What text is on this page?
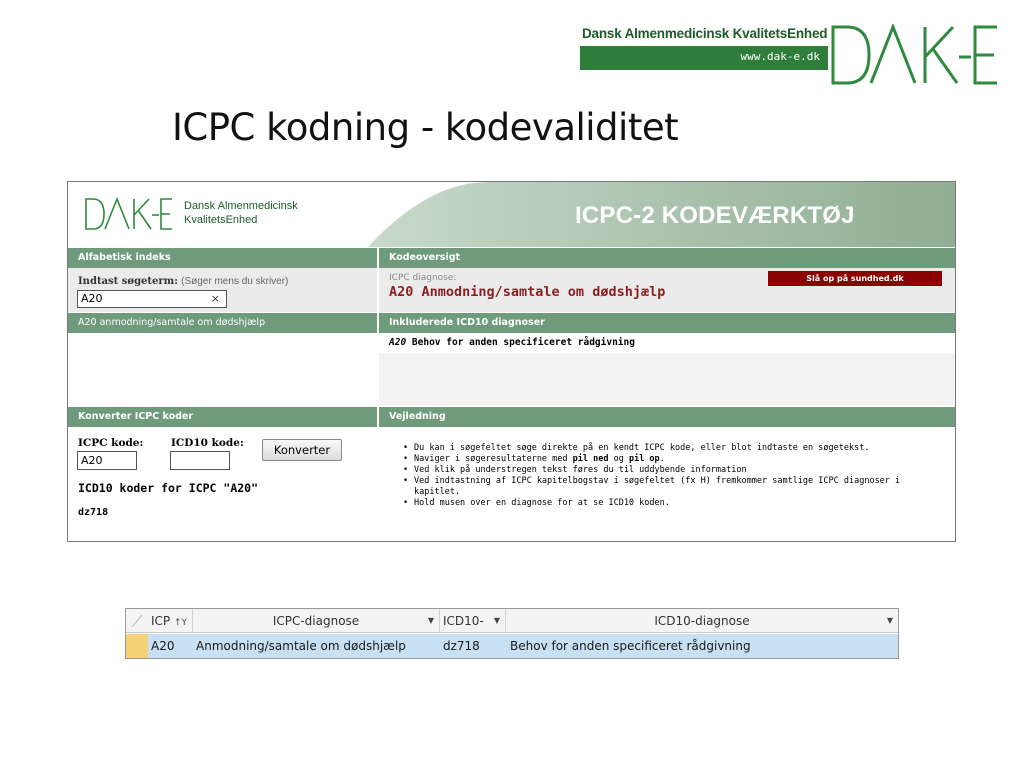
Dansk Almenmedicinsk KvalitetsEnhed
www.dak-e.dk
ICPC kodning - kodevaliditet
Dansk Almenmedicinsk
KvalitetsEnhed	ICPC-2 KODEVÆRKTØJ
Alfabetisk indeks
Indtast søgeterm: (Søger mens du skriver)
A20	×
A20 anmodning/samtale om dødshjælp
Konverter ICPC koder
ICPC kode:	ICD10 kode:
A20
Konverter
ICD10 koder for ICPC "A20"
dz718
Kodeoversigt
ICPC diagnose:
A20 Anmodning/samtale om dødshjælp
Slå op på sundhed.dk
Inkluderede ICD10 diagnoser
A20 Behov for anden specificeret rådgivning
Vejledning
• Du kan i søgefeltet søge direkte på en kendt ICPC kode, eller blot indtaste en søgetekst.
• Naviger i søgeresultaterne med pil ned og pil op.
• Ved klik på understregen tekst føres du til uddybende information
• Ved indtastning af ICPC kapitelbogstav i søgefeltet (fx H) fremkommer samtlige ICPC diagnoser i kapitlet.
• Hold musen over en diagnose for at se ICD10 koden.
ICP ↑Y	ICPC-diagnose	▼ ICD10- ▼	ICD10-diagnose	▼
A20	Anmodning/samtale om dødshjælp	dz718	Behov for anden specificeret rådgivning
